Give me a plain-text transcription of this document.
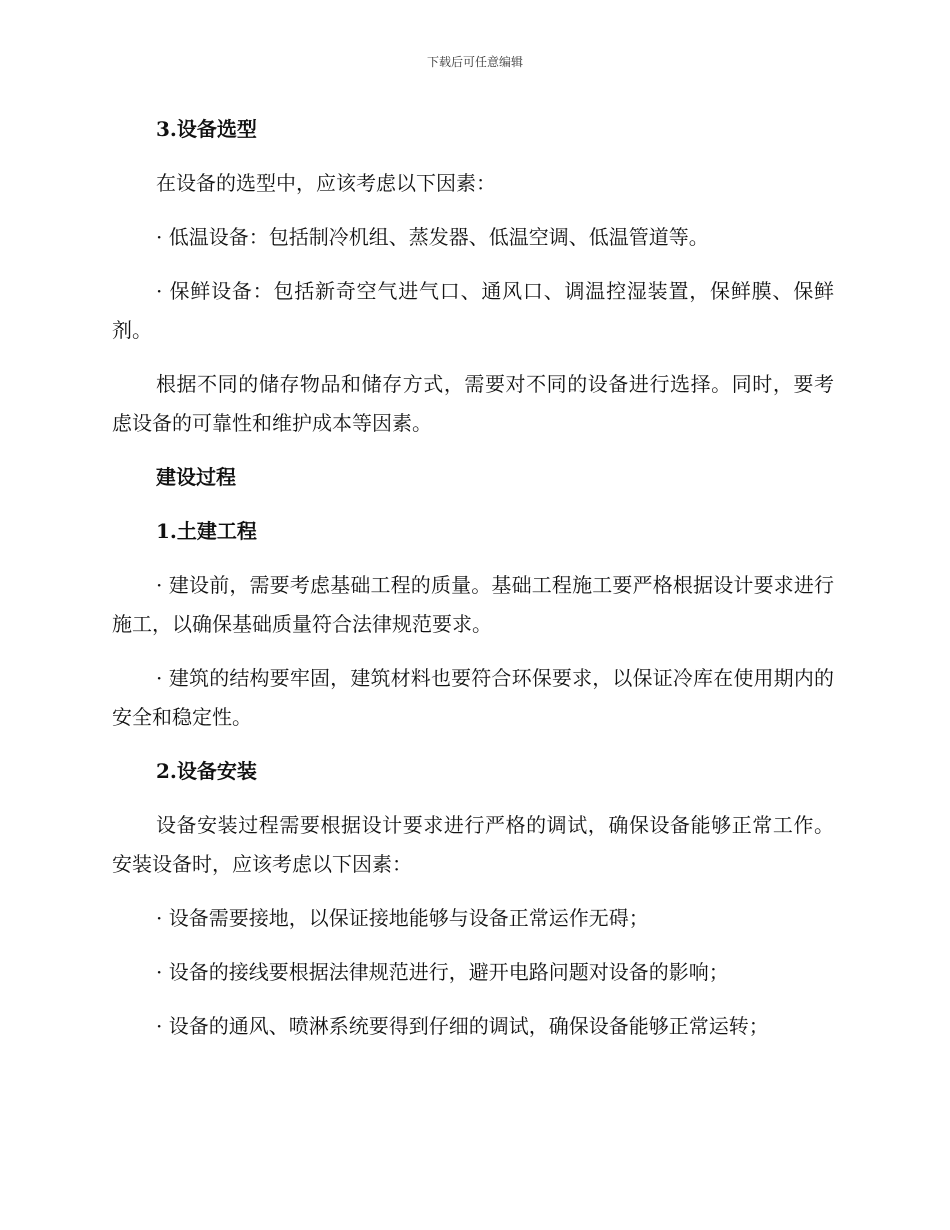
下载后可任意编辑

3.设备选型

在设备的选型中，应该考虑以下因素：

· 低温设备：包括制冷机组、蒸发器、低温空调、低温管道等。

· 保鲜设备：包括新奇空气进气口、通风口、调温控湿装置，保鲜膜、保鲜剂。

根据不同的储存物品和储存方式，需要对不同的设备进行选择。同时，要考虑设备的可靠性和维护成本等因素。

建设过程

1.土建工程

· 建设前，需要考虑基础工程的质量。基础工程施工要严格根据设计要求进行施工，以确保基础质量符合法律规范要求。

· 建筑的结构要牢固，建筑材料也要符合环保要求，以保证冷库在使用期内的安全和稳定性。

2.设备安装

设备安装过程需要根据设计要求进行严格的调试，确保设备能够正常工作。安装设备时，应该考虑以下因素：

· 设备需要接地，以保证接地能够与设备正常运作无碍；

· 设备的接线要根据法律规范进行，避开电路问题对设备的影响；

· 设备的通风、喷淋系统要得到仔细的调试，确保设备能够正常运转；
